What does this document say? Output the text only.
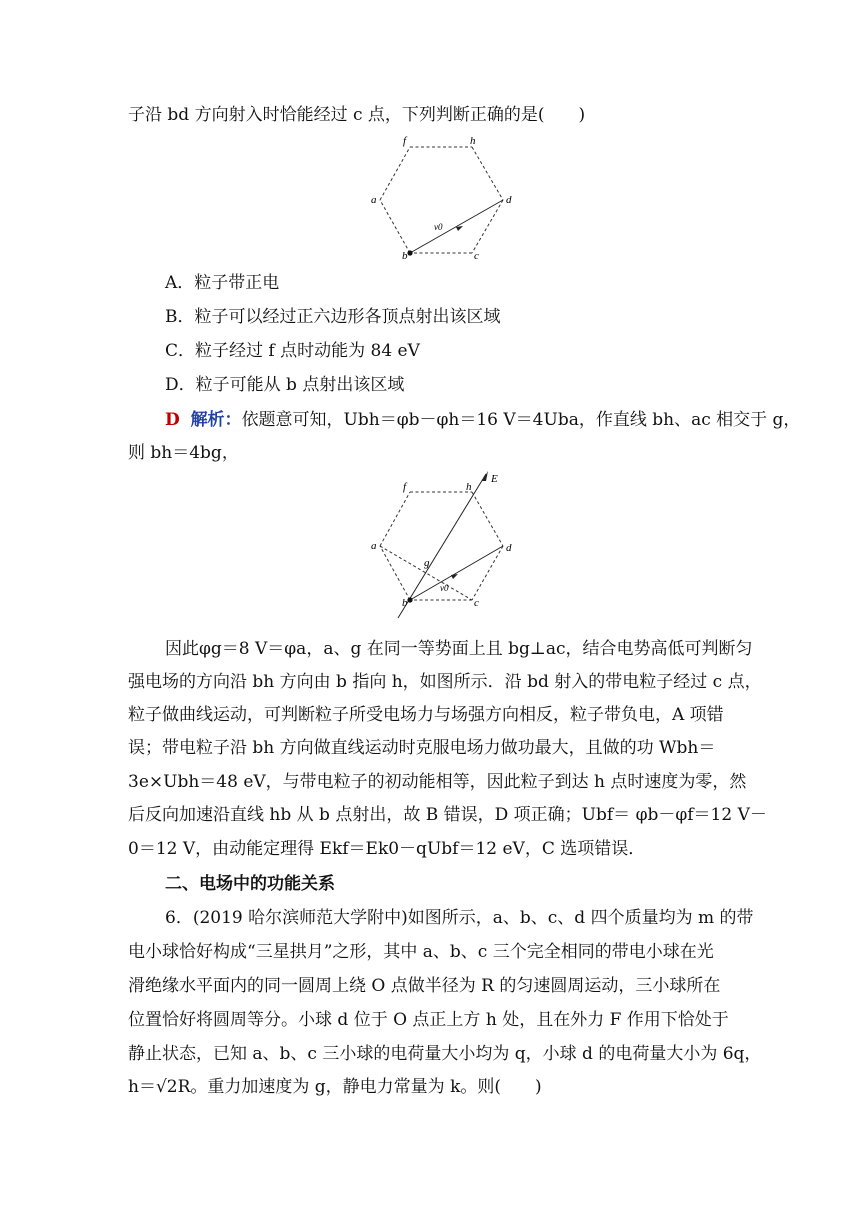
子沿 bd 方向射入时恰能经过 c 点，下列判断正确的是(　　)
f	h
a	d
b	c
v0
A．粒子带正电
B．粒子可以经过正六边形各顶点射出该区域
C．粒子经过 f 点时动能为 84 eV
D．粒子可能从 b 点射出该区域
D 解析：依题意可知，Ubh＝φb－φh＝16 V＝4Uba，作直线 bh、ac 相交于 g，
则 bh＝4bg，
f	h
a	d
b	c
g
E
v0
因此φg＝8 V＝φa，a、g 在同一等势面上且 bg⊥ac，结合电势高低可判断匀
强电场的方向沿 bh 方向由 b 指向 h，如图所示．沿 bd 射入的带电粒子经过 c 点，
粒子做曲线运动，可判断粒子所受电场力与场强方向相反，粒子带负电，A 项错
误；带电粒子沿 bh 方向做直线运动时克服电场力做功最大，且做的功 Wbh＝
3e×Ubh＝48 eV，与带电粒子的初动能相等，因此粒子到达 h 点时速度为零，然
后反向加速沿直线 hb 从 b 点射出，故 B 错误，D 项正确；Ubf＝ φb－φf＝12 V－
0＝12 V，由动能定理得 Ekf＝Ek0－qUbf＝12 eV，C 选项错误．
二、电场中的功能关系
6．(2019 哈尔滨师范大学附中)如图所示，a、b、c、d 四个质量均为 m 的带
电小球恰好构成“三星拱月”之形，其中 a、b、c 三个完全相同的带电小球在光
滑绝缘水平面内的同一圆周上绕 O 点做半径为 R 的匀速圆周运动，三小球所在
位置恰好将圆周等分。小球 d 位于 O 点正上方 h 处，且在外力 F 作用下恰处于
静止状态，已知 a、b、c 三小球的电荷量大小均为 q，小球 d 的电荷量大小为 6q，
h＝√2R。重力加速度为 g，静电力常量为 k。则(　　)
